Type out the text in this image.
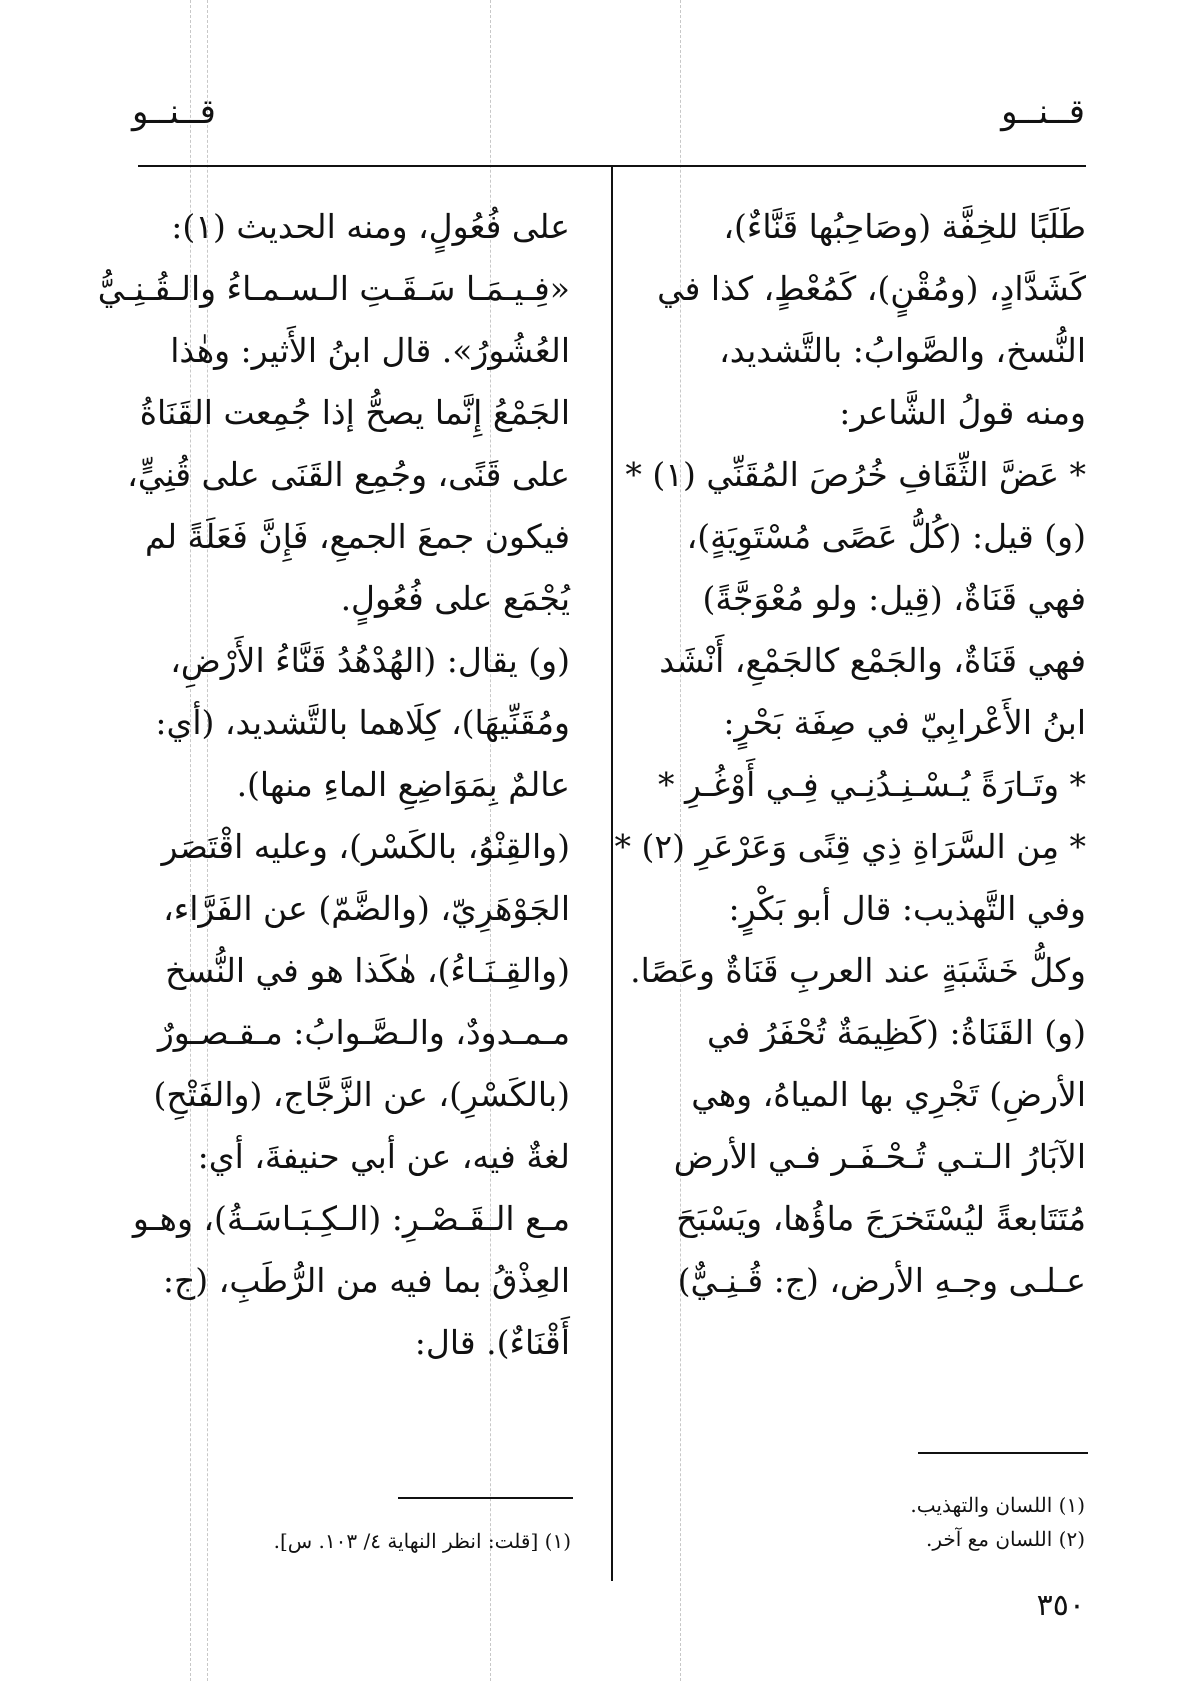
قــنــو
قــنــو
طَلَبًا للخِفَّة (وصَاحِبُها قَنَّاءٌ)،
كَشَدَّادٍ، (ومُقْنٍ)، كَمُعْطٍ، كذا في
النُّسخ، والصَّوابُ: بالتَّشديد،
ومنه قولُ الشَّاعر:
* عَضَّ الثِّقَافِ خُرُصَ المُقَنِّي (١) *
(و) قيل: (كُلُّ عَصًى مُسْتَوِيَةٍ)،
فهي قَنَاةٌ، (قِيل: ولو مُعْوَجَّةً)
فهي قَنَاةٌ، والجَمْع كالجَمْعِ، أَنْشَد
ابنُ الأَعْرابِيّ في صِفَة بَحْرٍ:
* وتَـارَةً يُـسْـنِـدُنِـي فِـي أَوْغُـرِ *
* مِن السَّرَاةِ ذِي قِنًى وَعَرْعَرِ (٢) *
وفي التَّهذيب: قال أبو بَكْرٍ:
وكلُّ خَشَبَةٍ عند العربِ قَنَاةٌ وعَصًا.
(و) القَنَاةُ: (كَظِيمَةٌ تُحْفَرُ في
الأرضِ) تَجْرِي بها المياهُ، وهي
الآبَارُ الـتـي تُـحْـفَـر فـي الأرض
مُتَتَابعةً ليُسْتَخرَجَ ماؤُها، ويَسْبَحَ
عـلـى وجـهِ الأرض، (ج: قُـنِـيٌّ)
على فُعُولٍ، ومنه الحديث (١):
«فِـيـمَـا سَـقَـتِ الـسـمـاءُ والـقُـنِـيُّ
العُشُورُ». قال ابنُ الأَثير: وهٰذا
الجَمْعُ إِنَّما يصحُّ إذا جُمِعت القَنَاةُ
على قَنًى، وجُمِع القَنَى على قُنِيٍّ،
فيكون جمعَ الجمعِ، فَإِنَّ فَعَلَةً لم
يُجْمَع على فُعُولٍ.
(و) يقال: (الهُدْهُدُ قَنَّاءُ الأَرْضِ،
ومُقَنِّيهَا)، كِلَاهما بالتَّشديد، (أي:
عالمٌ بِمَوَاضِعِ الماءِ منها).
(والقِنْوُ، بالكَسْر)، وعليه اقْتَصَر
الجَوْهَرِيّ، (والضَّمّ) عن الفَرَّاء،
(والقِـنَـاءُ)، هٰكَذا هو في النُّسخ
مـمـدودٌ، والـصَّـوابُ: مـقـصـورٌ
(بالكَسْرِ)، عن الزَّجَّاج، (والفَتْحِ)
لغةٌ فيه، عن أبي حنيفةَ، أي:
مـع الـقَـصْـرِ: (الـكِـبَـاسَـةُ)، وهـو
العِذْقُ بما فيه من الرُّطَبِ، (ج:
أَقْنَاءٌ). قال:
(١) اللسان والتهذيب.
(٢) اللسان مع آخر.
(١) [قلت: انظر النهاية ٤/ ١٠٣. س].
٣٥٠
